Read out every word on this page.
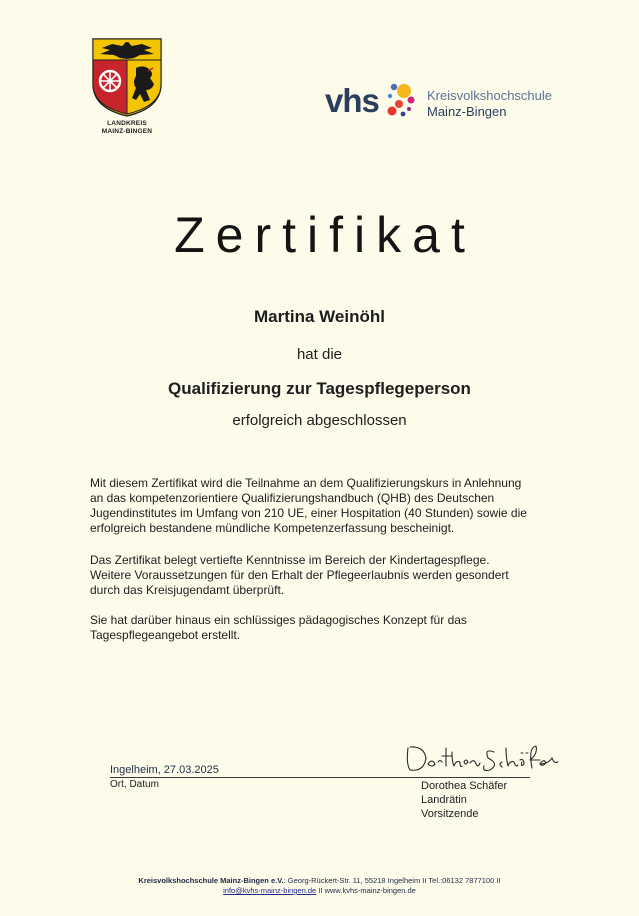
LANDKREIS
MAINZ-BINGEN
vhs	Kreisvolkshochschule
Mainz-Bingen
Zertifikat
Martina Weinöhl
hat die
Qualifizierung zur Tagespflegeperson
erfolgreich abgeschlossen
Mit diesem Zertifikat wird die Teilnahme an dem Qualifizierungskurs in Anlehnung
an das kompetenzorientiere Qualifizierungshandbuch (QHB) des Deutschen
Jugendinstitutes im Umfang von 210 UE, einer Hospitation (40 Stunden) sowie die
erfolgreich bestandene mündliche Kompetenzerfassung bescheinigt.
Das Zertifikat belegt vertiefte Kenntnisse im Bereich der Kindertagespflege.
Weitere Voraussetzungen für den Erhalt der Pflegeerlaubnis werden gesondert
durch das Kreisjugendamt überprüft.
Sie hat darüber hinaus ein schlüssiges pädagogisches Konzept für das
Tagespflegeangebot erstellt.
Ingelheim, 27.03.2025
Ort, Datum	Dorothea Schäfer
Landrätin
Vorsitzende
Kreisvolkshochschule Mainz-Bingen e.V.: Georg-Rückert-Str. 11, 55218 Ingelheim II Tel.:06132 7877100 II
info@kvhs-mainz-bingen.de II www.kvhs-mainz-bingen.de
